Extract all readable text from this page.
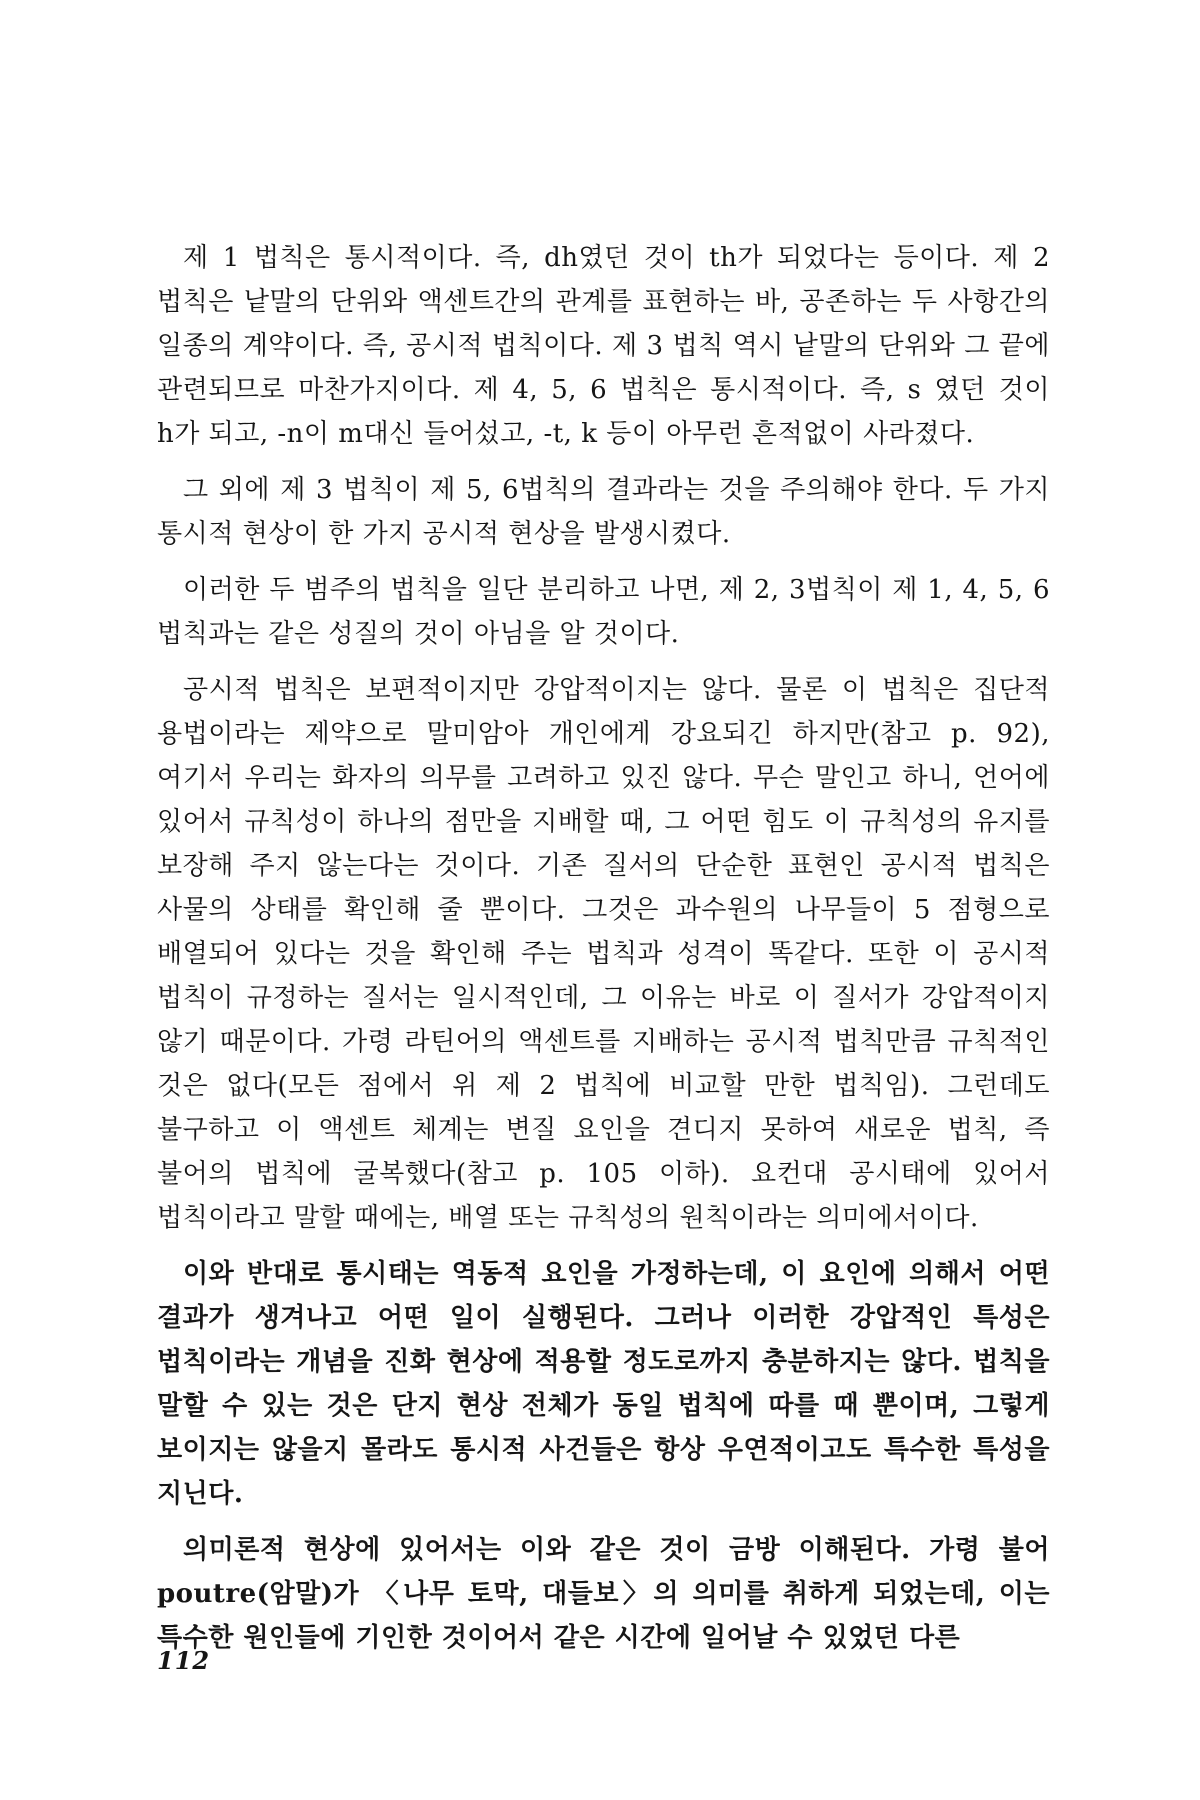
제 1 법칙은 통시적이다. 즉, dh였던 것이 th가 되었다는 등이다. 제 2 법칙은 낱말의 단위와 액센트간의 관계를 표현하는 바, 공존하는 두 사항간의 일종의 계약이다. 즉, 공시적 법칙이다. 제 3 법칙 역시 낱말의 단위와 그 끝에 관련되므로 마찬가지이다. 제 4, 5, 6 법칙은 통시적이다. 즉, s 였던 것이 h가 되고, -n이 m대신 들어섰고, -t, k 등이 아무런 흔적없이 사라졌다.

그 외에 제 3 법칙이 제 5, 6법칙의 결과라는 것을 주의해야 한다. 두 가지 통시적 현상이 한 가지 공시적 현상을 발생시켰다.

이러한 두 범주의 법칙을 일단 분리하고 나면, 제 2, 3법칙이 제 1, 4, 5, 6 법칙과는 같은 성질의 것이 아님을 알 것이다.

공시적 법칙은 보편적이지만 강압적이지는 않다. 물론 이 법칙은 집단적 용법이라는 제약으로 말미암아 개인에게 강요되긴 하지만(참고 p. 92), 여기서 우리는 화자의 의무를 고려하고 있진 않다. 무슨 말인고 하니, 언어에 있어서 규칙성이 하나의 점만을 지배할 때, 그 어떤 힘도 이 규칙성의 유지를 보장해 주지 않는다는 것이다. 기존 질서의 단순한 표현인 공시적 법칙은 사물의 상태를 확인해 줄 뿐이다. 그것은 과수원의 나무들이 5 점형으로 배열되어 있다는 것을 확인해 주는 법칙과 성격이 똑같다. 또한 이 공시적 법칙이 규정하는 질서는 일시적인데, 그 이유는 바로 이 질서가 강압적이지 않기 때문이다. 가령 라틴어의 액센트를 지배하는 공시적 법칙만큼 규칙적인 것은 없다(모든 점에서 위 제 2 법칙에 비교할 만한 법칙임). 그런데도 불구하고 이 액센트 체계는 변질 요인을 견디지 못하여 새로운 법칙, 즉 불어의 법칙에 굴복했다(참고 p. 105 이하). 요컨대 공시태에 있어서 법칙이라고 말할 때에는, 배열 또는 규칙성의 원칙이라는 의미에서이다.

이와 반대로 통시태는 역동적 요인을 가정하는데, 이 요인에 의해서 어떤 결과가 생겨나고 어떤 일이 실행된다. 그러나 이러한 강압적인 특성은 법칙이라는 개념을 진화 현상에 적용할 정도로까지 충분하지는 않다. 법칙을 말할 수 있는 것은 단지 현상 전체가 동일 법칙에 따를 때 뿐이며, 그렇게 보이지는 않을지 몰라도 통시적 사건들은 항상 우연적이고도 특수한 특성을 지닌다.

의미론적 현상에 있어서는 이와 같은 것이 금방 이해된다. 가령 불어 poutre(암말)가 〈나무 토막, 대들보〉의 의미를 취하게 되었는데, 이는 특수한 원인들에 기인한 것이어서 같은 시간에 일어날 수 있었던 다른

112
